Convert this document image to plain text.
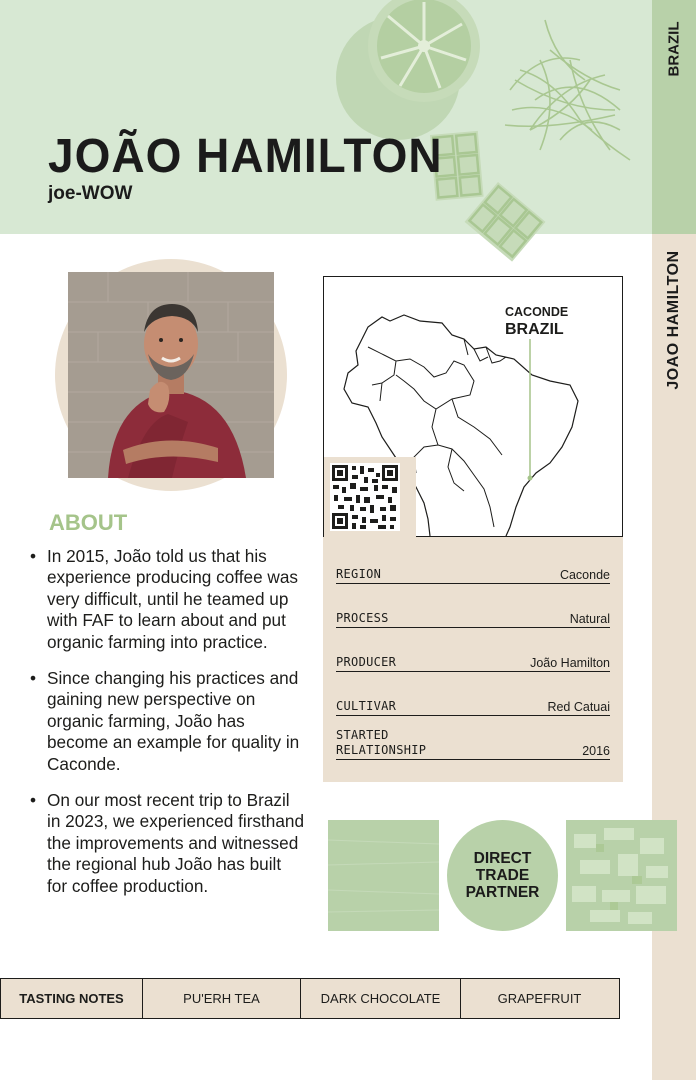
JOÃO HAMILTON
joe-WOW
BRAZIL
JOAO HAMILTON
ABOUT
• In 2015, João told us that his experience producing coffee was very difficult, until he teamed up with FAF to learn about and put organic farming into practice.
• Since changing his practices and gaining new perspective on organic farming, João has become an example for quality in Caconde.
• On our most recent trip to Brazil in 2023, we experienced firsthand the improvements and witnessed the regional hub João has built for coffee production.
CACONDE
BRAZIL
REGION	Caconde
PROCESS	Natural
PRODUCER	João Hamilton
CULTIVAR	Red Catuai
STARTED
RELATIONSHIP	2016
DIRECT
TRADE
PARTNER
TASTING NOTES	PU'ERH TEA	DARK CHOCOLATE	GRAPEFRUIT
